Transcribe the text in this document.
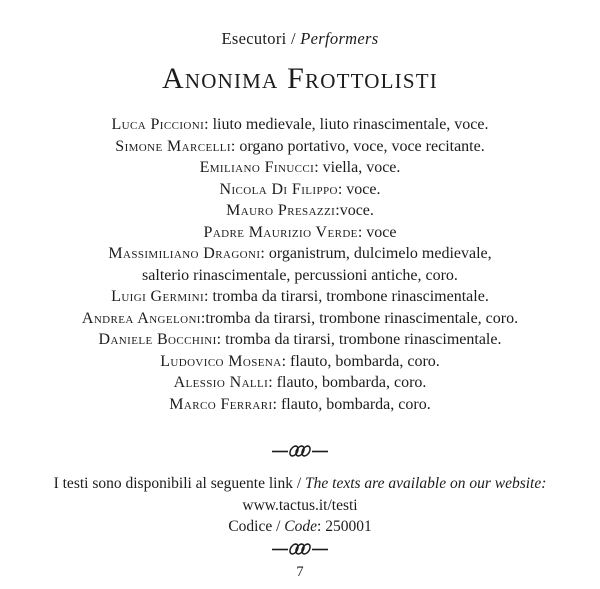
Esecutori / Performers
Anonima Frottolisti
Luca Piccioni: liuto medievale, liuto rinascimentale, voce.
Simone Marcelli: organo portativo, voce, voce recitante.
Emiliano Finucci: viella, voce.
Nicola Di Filippo: voce.
Mauro Presazzi:voce.
Padre Maurizio Verde: voce
Massimiliano Dragoni: organistrum, dulcimelo medievale,
salterio rinascimentale, percussioni antiche, coro.
Luigi Germini: tromba da tirarsi, trombone rinascimentale.
Andrea Angeloni:tromba da tirarsi, trombone rinascimentale, coro.
Daniele Bocchini: tromba da tirarsi, trombone rinascimentale.
Ludovico Mosena: flauto, bombarda, coro.
Alessio Nalli: flauto, bombarda, coro.
Marco Ferrari: flauto, bombarda, coro.
I testi sono disponibili al seguente link / The texts are available on our website:
www.tactus.it/testi
Codice / Code: 250001
7
